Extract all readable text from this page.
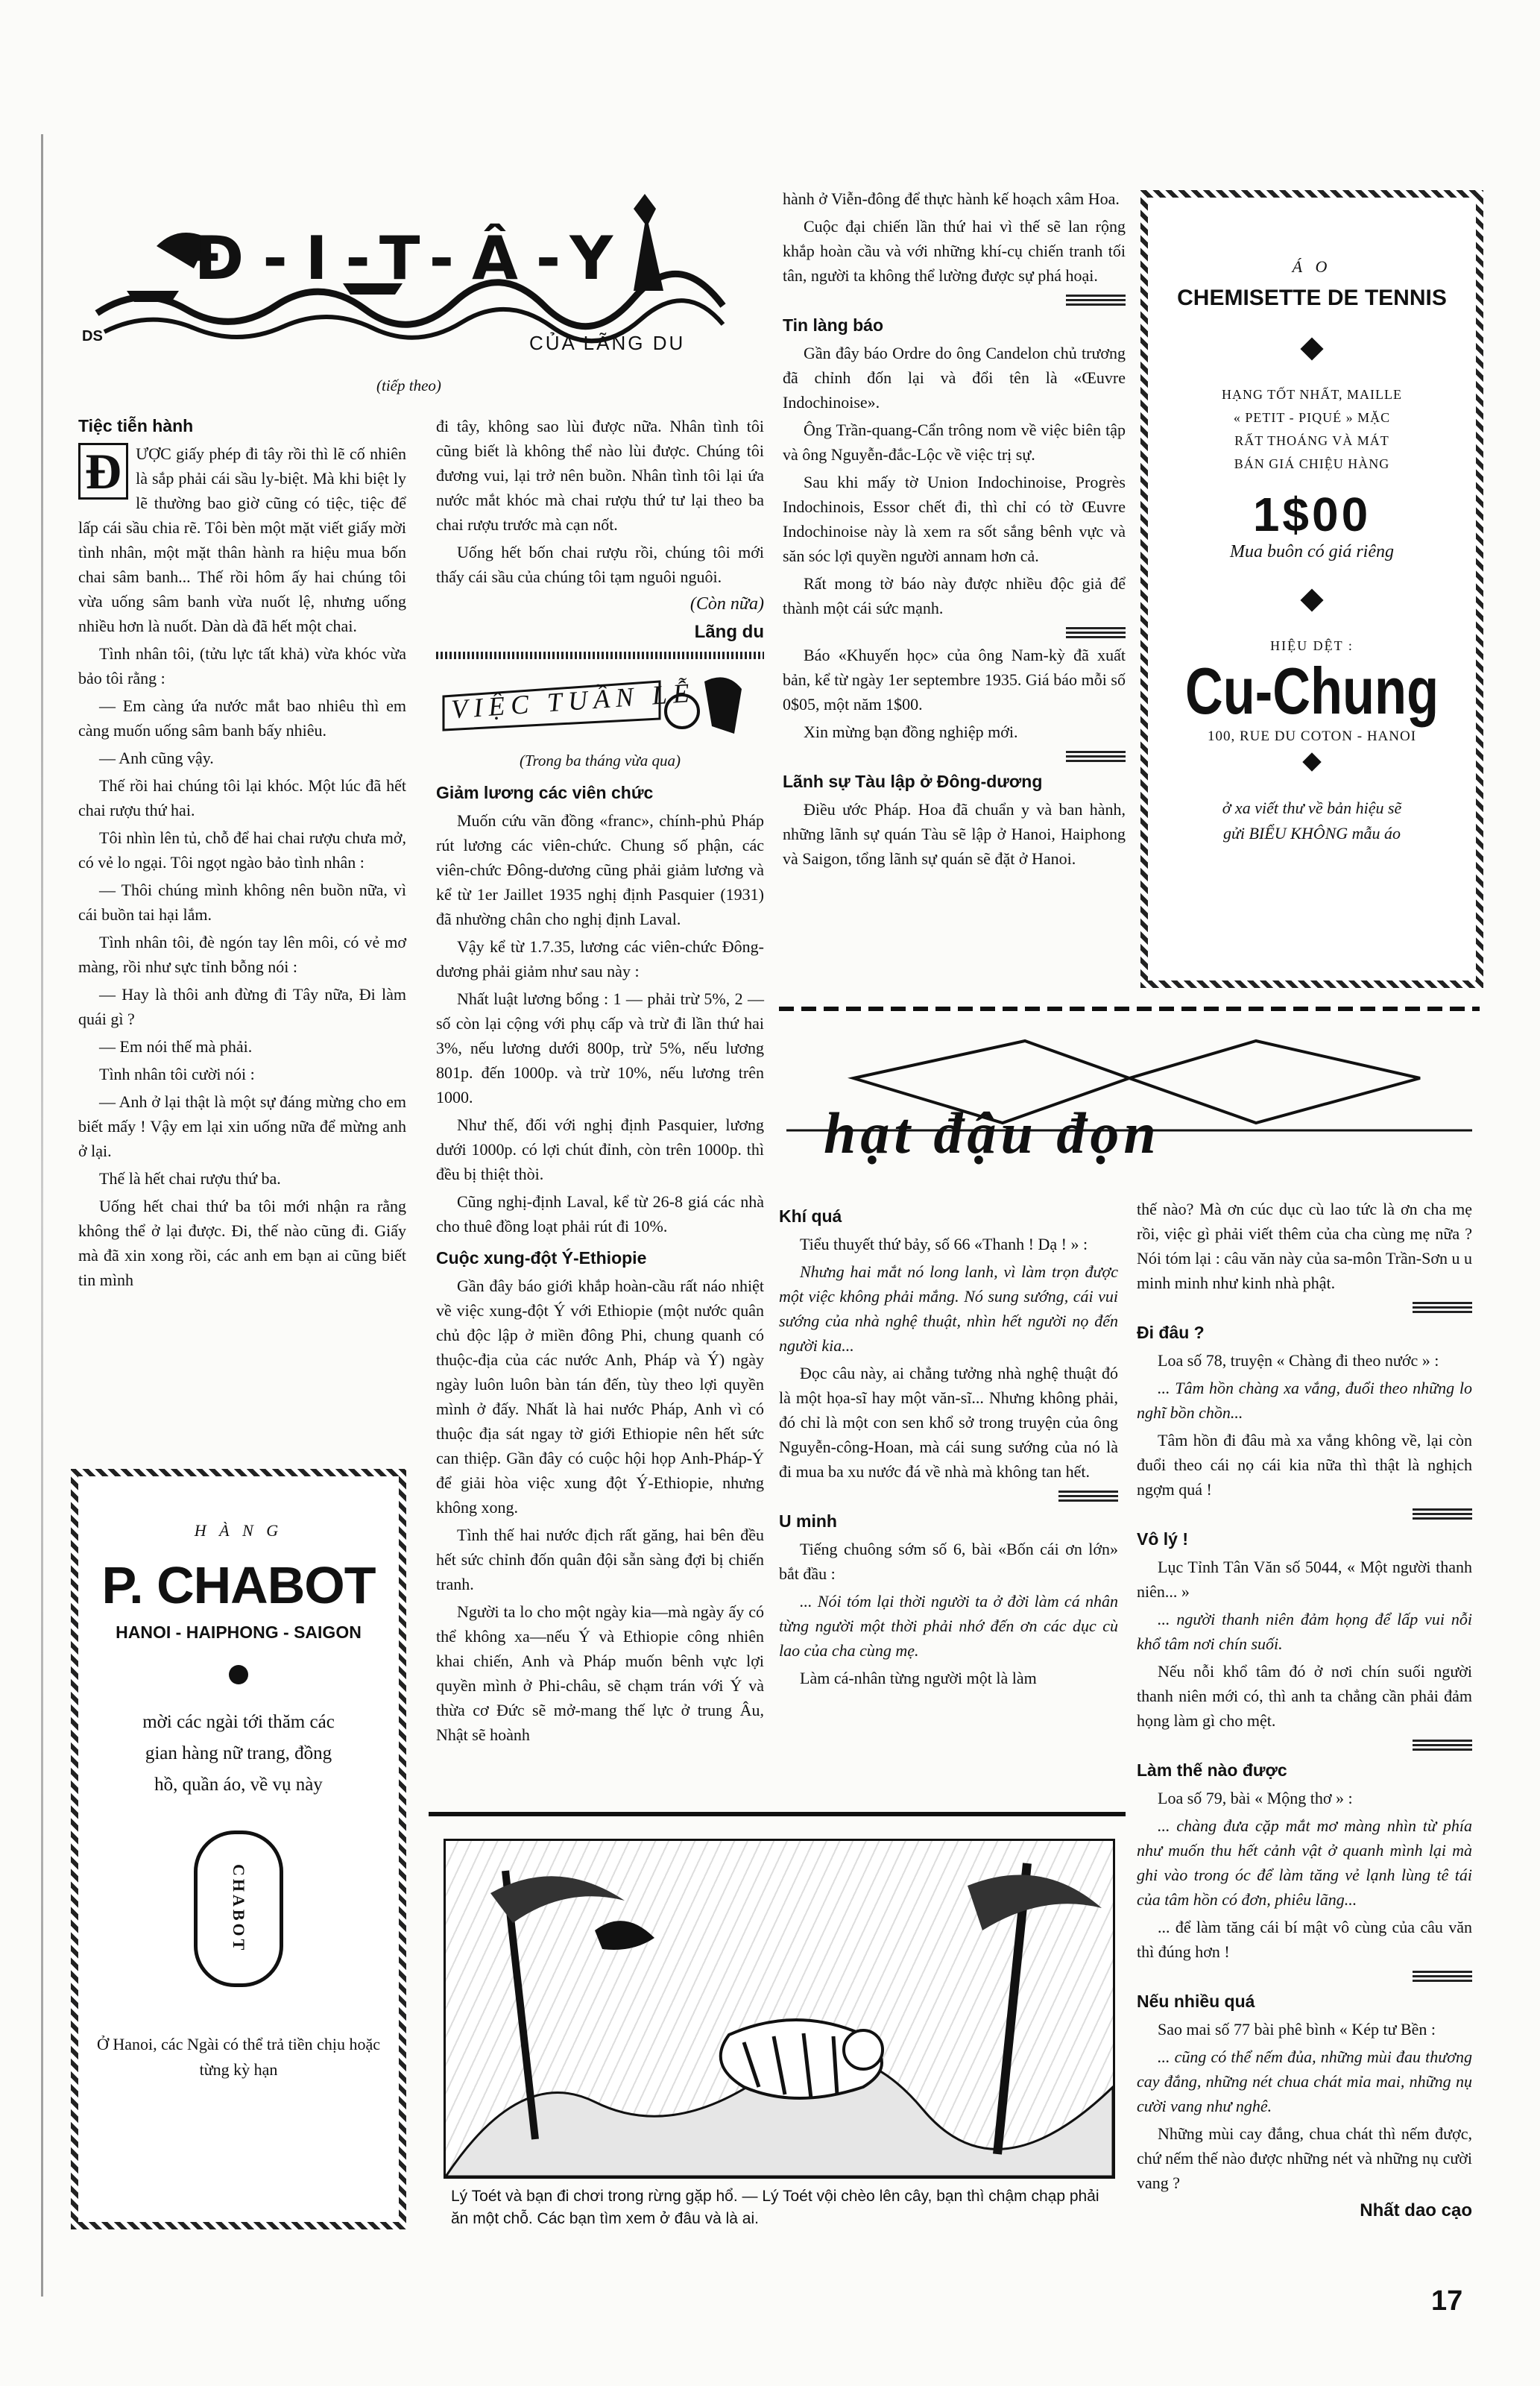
Đ-I-T-Â-Y
DS	CỦA LÃNG DU
(tiếp theo)
Tiệc tiễn hành

Đ ƯỢC giấy phép đi tây rồi thì lẽ cố nhiên là sắp phải cái sầu ly-biệt. Mà khi biệt ly lẽ thường bao giờ cũng có tiệc, tiệc để lấp cái sầu chia rẽ. Tôi bèn một mặt viết giấy mời tình nhân, một mặt thân hành ra hiệu mua bốn chai sâm banh... Thế rồi hôm ấy hai chúng tôi vừa uống sâm banh vừa nuốt lệ, nhưng uống nhiều hơn là nuốt. Dàn dà đã hết một chai.

Tình nhân tôi, (tửu lực tất khả) vừa khóc vừa bảo tôi rằng :

— Em càng ứa nước mắt bao nhiêu thì em càng muốn uống sâm banh bấy nhiêu.

— Anh cũng vậy.

Thế rồi hai chúng tôi lại khóc. Một lúc đã hết chai rượu thứ hai.

Tôi nhìn lên tủ, chỗ để hai chai rượu chưa mở, có vẻ lo ngại. Tôi ngọt ngào bảo tình nhân :

— Thôi chúng mình không nên buồn nữa, vì cái buồn tai hại lắm.

Tình nhân tôi, đè ngón tay lên môi, có vẻ mơ màng, rồi như sực tỉnh bỗng nói :

— Hay là thôi anh đừng đi Tây nữa, Đi làm quái gì ?

— Em nói thế mà phải.

Tình nhân tôi cười nói :

— Anh ở lại thật là một sự đáng mừng cho em biết mấy ! Vậy em lại xin uống nữa để mừng anh ở lại.

Thế là hết chai rượu thứ ba.

Uống hết chai thứ ba tôi mới nhận ra rằng không thể ở lại được. Đi, thế nào cũng đi. Giấy mà đã xin xong rồi, các anh em bạn ai cũng biết tin mình

H À N G
P. CHABOT
HANOI - HAIPHONG - SAIGON
mời các ngài tới thăm các gian hàng nữ trang, đồng hồ, quần áo, về vụ này
CHABOT
Ở Hanoi, các Ngài có thể trả tiền chịu hoặc từng kỳ hạn

đi tây, không sao lùi được nữa. Nhân tình tôi cũng biết là không thể nào lùi được. Chúng tôi đương vui, lại trở nên buồn. Nhân tình tôi lại ứa nước mắt khóc mà chai rượu thứ tư lại theo ba chai rượu trước mà cạn nốt.

Uống hết bốn chai rượu rồi, chúng tôi mới thấy cái sầu của chúng tôi tạm nguôi nguôi.

(Còn nữa)
Lãng du
VIỆC TUẦN LỄ
(Trong ba tháng vừa qua)
Giảm lương các viên chức

Muốn cứu vãn đồng «franc», chính-phủ Pháp rút lương các viên-chức. Chung số phận, các viên-chức Đông-dương cũng phải giảm lương và kể từ 1er Jaillet 1935 nghị định Pasquier (1931) đã nhường chân cho nghị định Laval.

Vậy kể từ 1.7.35, lương các viên-chức Đông-dương phải giảm như sau này :

Nhất luật lương bổng : 1 — phải trừ 5%, 2 — số còn lại cộng với phụ cấp và trừ đi lần thứ hai 3%, nếu lương dưới 800p, trừ 5%, nếu lương 801p. đến 1000p. và trừ 10%, nếu lương trên 1000.

Như thế, đối với nghị định Pasquier, lương dưới 1000p. có lợi chút đỉnh, còn trên 1000p. thì đều bị thiệt thòi.

Cũng nghị-định Laval, kể từ 26-8 giá các nhà cho thuê đồng loạt phải rút đi 10%.

Cuộc xung-đột Ý-Ethiopie

Gần đây báo giới khắp hoàn-cầu rất náo nhiệt về việc xung-đột Ý với Ethiopie (một nước quân chủ độc lập ở miền đông Phi, chung quanh có thuộc-địa của các nước Anh, Pháp và Ý) ngày ngày luôn luôn bàn tán đến, tùy theo lợi quyền mình ở đấy. Nhất là hai nước Pháp, Anh vì có thuộc địa sát ngay tờ giới Ethiopie nên hết sức can thiệp. Gần đây có cuộc hội họp Anh-Pháp-Ý để giải hòa việc xung đột Ý-Ethiopie, nhưng không xong.

Tình thế hai nước địch rất găng, hai bên đều hết sức chỉnh đốn quân đội sẵn sàng đợi bị chiến tranh.

Người ta lo cho một ngày kia—mà ngày ấy có thể không xa—nếu Ý và Ethiopie công nhiên khai chiến, Anh và Pháp muốn bênh vực lợi quyền mình ở Phi-châu, sẽ chạm trán với Ý và thừa cơ Đức sẽ mở-mang thế lực ở trung Âu, Nhật sẽ hoành

hành ở Viễn-đông để thực hành kế hoạch xâm Hoa.

Cuộc đại chiến lần thứ hai vì thế sẽ lan rộng khắp hoàn cầu và với những khí-cụ chiến tranh tối tân, người ta không thể lường được sự phá hoại.

Tin làng báo

Gần đây báo Ordre do ông Candelon chủ trương đã chỉnh đốn lại và đổi tên là «Œuvre Indochinoise».

Ông Trần-quang-Cẩn trông nom về việc biên tập và ông Nguyễn-đắc-Lộc về việc trị sự.

Sau khi mấy tờ Union Indochinoise, Progrès Indochinois, Essor chết đi, thì chỉ có tờ Œuvre Indochinoise này là xem ra sốt sắng bênh vực và săn sóc lợi quyền người annam hơn cả.

Rất mong tờ báo này được nhiều độc giả để thành một cái sức mạnh.

Báo «Khuyến học» của ông Nam-kỳ đã xuất bản, kể từ ngày 1er septembre 1935. Giá báo mỗi số 0$05, một năm 1$00.

Xin mừng bạn đồng nghiệp mới.

Lãnh sự Tàu lập ở Đông-dương

Điều ước Pháp. Hoa đã chuẩn y và ban hành, những lãnh sự quán Tàu sẽ lập ở Hanoi, Haiphong và Saigon, tổng lãnh sự quán sẽ đặt ở Hanoi.

Á O
CHEMISETTE DE TENNIS
HẠNG TỐT NHẤT, MAILLE
« PETIT - PIQUÉ » MẶC
RẤT THOÁNG VÀ MÁT
BÁN GIÁ CHIỆU HÀNG
1$00
Mua buôn có giá riêng
HIỆU DỆT :
Cu-Chung
100, RUE DU COTON - HANOI
ở xa viết thư về bản hiệu sẽ
gửi BIỂU KHÔNG mẫu áo
hạt đậu đọn
Khí quá

Tiểu thuyết thứ bảy, số 66 «Thanh ! Dạ ! » :

Nhưng hai mắt nó long lanh, vì làm trọn được một việc không phải mắng. Nó sung sướng, cái vui sướng của nhà nghệ thuật, nhìn hết người nọ đến người kia...

Đọc câu này, ai chẳng tưởng nhà nghệ thuật đó là một họa-sĩ hay một văn-sĩ... Nhưng không phải, đó chỉ là một con sen khổ sở trong truyện của ông Nguyễn-công-Hoan, mà cái sung sướng của nó là đi mua ba xu nước đá về nhà mà không tan hết.

U minh

Tiếng chuông sớm số 6, bài «Bốn cái ơn lớn» bắt đầu :

... Nói tóm lại thời người ta ở đời làm cá nhân từng người một thời phải nhớ đến ơn các dục cù lao của cha cùng mẹ.

Làm cá-nhân từng người một là làm

thế nào? Mà ơn cúc dục cù lao tức là ơn cha mẹ rồi, việc gì phải viết thêm của cha cùng mẹ nữa ? Nói tóm lại : câu văn này của sa-môn Trần-Sơn u u minh minh như kinh nhà phật.

Đi đâu ?

Loa số 78, truyện « Chàng đi theo nước » :

... Tâm hồn chàng xa vắng, đuổi theo những lo nghĩ bồn chồn...

Tâm hồn đi đâu mà xa vắng không về, lại còn đuổi theo cái nọ cái kia nữa thì thật là nghịch ngợm quá !

Vô lý !

Lục Tỉnh Tân Văn số 5044, « Một người thanh niên... »

... người thanh niên đảm họng để lấp vui nỗi khổ tâm nơi chín suối.

Nếu nỗi khổ tâm đó ở nơi chín suối người thanh niên mới có, thì anh ta chẳng cần phải đảm họng làm gì cho mệt.

Làm thế nào được

Loa số 79, bài « Mộng thơ » :

... chàng đưa cặp mắt mơ màng nhìn từ phía như muốn thu hết cảnh vật ở quanh mình lại mà ghi vào trong óc để làm tăng vẻ lạnh lùng tê tái của tâm hồn có đơn, phiêu lãng...

... để làm tăng cái bí mật vô cùng của câu văn thì đúng hơn !

Nếu nhiều quá

Sao mai số 77 bài phê bình « Kép tư Bền :

... cũng có thể nếm đủa, những mùi đau thương cay đắng, những nét chua chát mỉa mai, những nụ cười vang như nghê.

Những mùi cay đắng, chua chát thì nếm được, chứ nếm thế nào được những nét và những nụ cười vang ?

Nhất dao cạo
Lý Toét và bạn đi chơi trong rừng gặp hổ. — Lý Toét vội chèo lên cây, bạn thì chậm chạp phải ăn một chỗ. Các bạn tìm xem ở đâu và là ai.
17
